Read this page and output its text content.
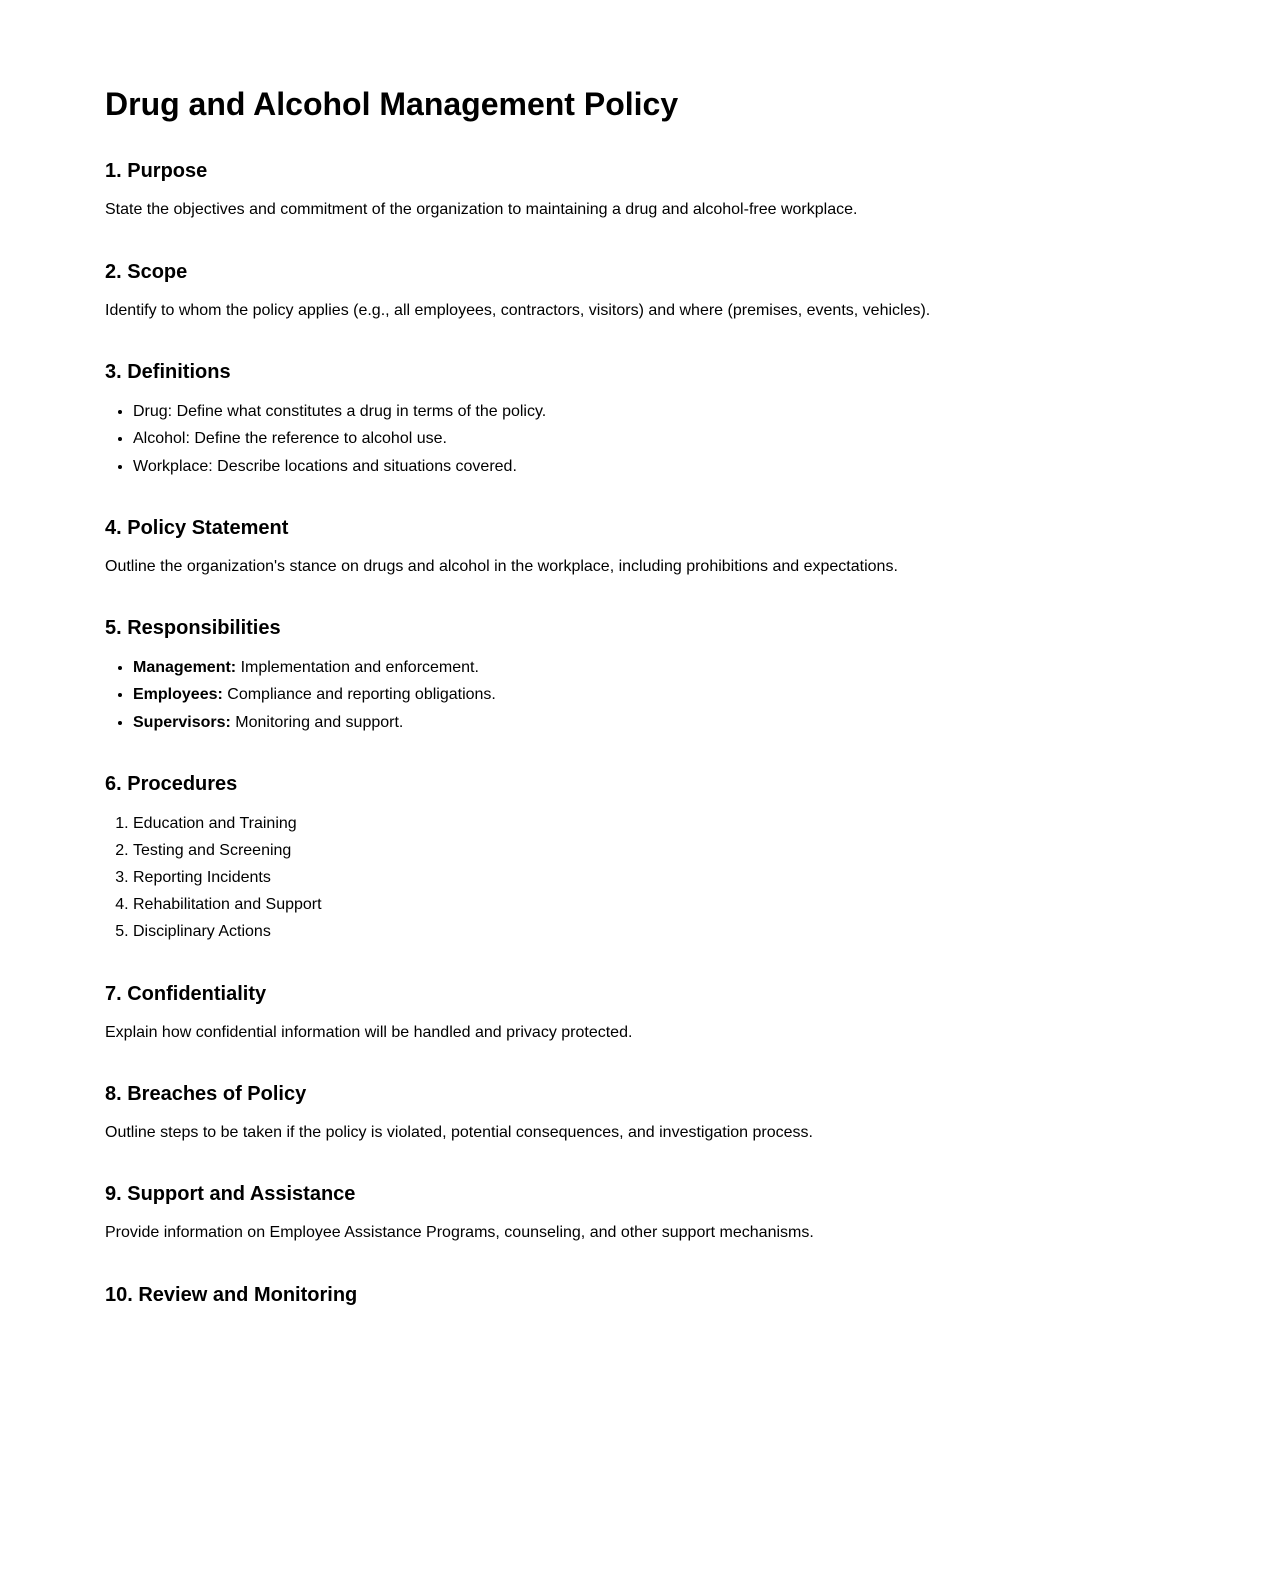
Drug and Alcohol Management Policy
1. Purpose

State the objectives and commitment of the organization to maintaining a drug and alcohol-free workplace.

2. Scope

Identify to whom the policy applies (e.g., all employees, contractors, visitors) and where (premises, events, vehicles).

3. Definitions
• Drug: Define what constitutes a drug in terms of the policy.
• Alcohol: Define the reference to alcohol use.
• Workplace: Describe locations and situations covered.
4. Policy Statement

Outline the organization's stance on drugs and alcohol in the workplace, including prohibitions and expectations.

5. Responsibilities
• Management: Implementation and enforcement.
• Employees: Compliance and reporting obligations.
• Supervisors: Monitoring and support.
6. Procedures
1. Education and Training
2. Testing and Screening
3. Reporting Incidents
4. Rehabilitation and Support
5. Disciplinary Actions
7. Confidentiality

Explain how confidential information will be handled and privacy protected.

8. Breaches of Policy

Outline steps to be taken if the policy is violated, potential consequences, and investigation process.

9. Support and Assistance

Provide information on Employee Assistance Programs, counseling, and other support mechanisms.

10. Review and Monitoring
